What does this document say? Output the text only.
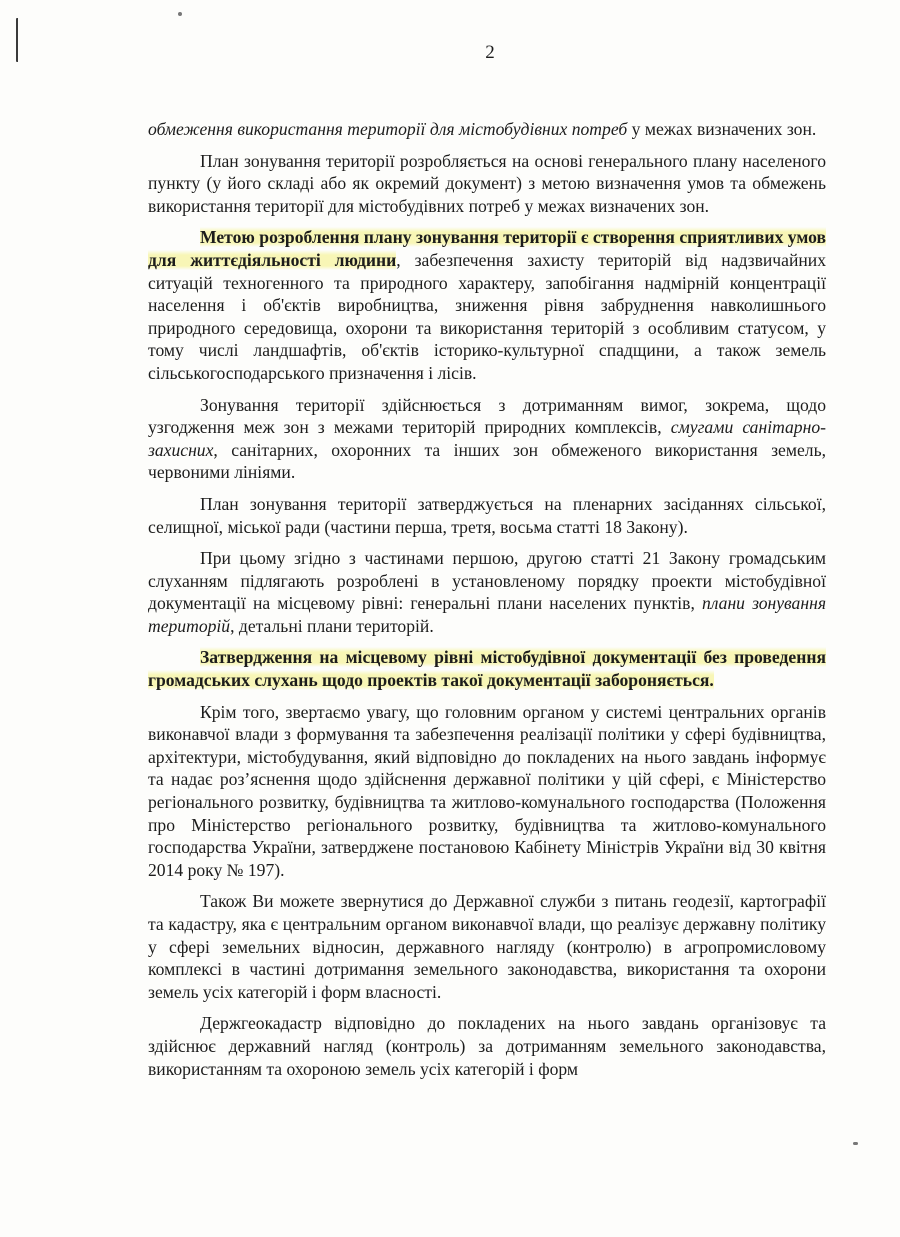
2

обмеження використання території для містобудівних потреб у межах визначених зон.

План зонування території розробляється на основі генерального плану населеного пункту (у його складі або як окремий документ) з метою визначення умов та обмежень використання території для містобудівних потреб у межах визначених зон.

Метою розроблення плану зонування території є створення сприятливих умов для життєдіяльності людини, забезпечення захисту територій від надзвичайних ситуацій техногенного та природного характеру, запобігання надмірній концентрації населення і об'єктів виробництва, зниження рівня забруднення навколишнього природного середовища, охорони та використання територій з особливим статусом, у тому числі ландшафтів, об'єктів історико-культурної спадщини, а також земель сільськогосподарського призначення і лісів.

Зонування території здійснюється з дотриманням вимог, зокрема, щодо узгодження меж зон з межами територій природних комплексів, смугами санітарно-захисних, санітарних, охоронних та інших зон обмеженого використання земель, червоними лініями.

План зонування території затверджується на пленарних засіданнях сільської, селищної, міської ради (частини перша, третя, восьма статті 18 Закону).

При цьому згідно з частинами першою, другою статті 21 Закону громадським слуханням підлягають розроблені в установленому порядку проекти містобудівної документації на місцевому рівні: генеральні плани населених пунктів, плани зонування територій, детальні плани територій.

Затвердження на місцевому рівні містобудівної документації без проведення громадських слухань щодо проектів такої документації забороняється.

Крім того, звертаємо увагу, що головним органом у системі центральних органів виконавчої влади з формування та забезпечення реалізації політики у сфері будівництва, архітектури, містобудування, який відповідно до покладених на нього завдань інформує та надає роз’яснення щодо здійснення державної політики у цій сфері, є Міністерство регіонального розвитку, будівництва та житлово-комунального господарства (Положення про Міністерство регіонального розвитку, будівництва та житлово-комунального господарства України, затверджене постановою Кабінету Міністрів України від 30 квітня 2014 року № 197).

Також Ви можете звернутися до Державної служби з питань геодезії, картографії та кадастру, яка є центральним органом виконавчої влади, що реалізує державну політику у сфері земельних відносин, державного нагляду (контролю) в агропромисловому комплексі в частині дотримання земельного законодавства, використання та охорони земель усіх категорій і форм власності.

Держгеокадастр відповідно до покладених на нього завдань організовує та здійснює державний нагляд (контроль) за дотриманням земельного законодавства, використанням та охороною земель усіх категорій і форм
